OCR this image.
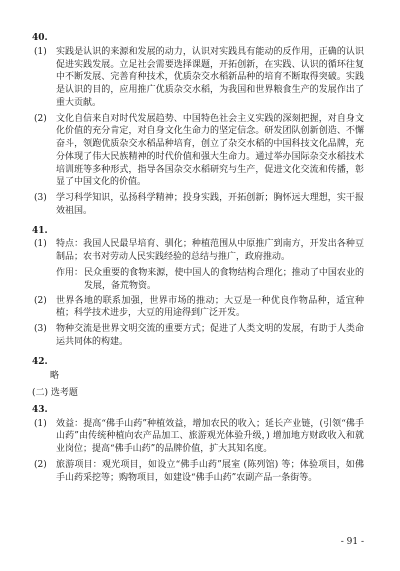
40.
(1) 实践是认识的来源和发展的动力，认识对实践具有能动的反作用，正确的认识促进实践发展。立足社会需要选择课题，开拓创新，在实践、认识的循环往复中不断发展、完善育种技术，优质杂交水稻新品种的培育不断取得突破。实践是认识的目的，应用推广优质杂交水稻，为我国和世界粮食生产的发展作出了重大贡献。
(2) 文化自信来自对时代发展趋势、中国特色社会主义实践的深刻把握，对自身文化价值的充分肯定，对自身文化生命力的坚定信念。研发团队创新创造、不懈奋斗，领跑优质杂交水稻品种培育，创立了杂交水稻的中国科技文化品牌，充分体现了伟大民族精神的时代价值和强大生命力。通过举办国际杂交水稻技术培训班等多种形式，指导各国杂交水稻研究与生产，促进文化交流和传播，彰显了中国文化的价值。
(3) 学习科学知识，弘扬科学精神；投身实践，开拓创新；胸怀远大理想，实干报效祖国。
41.
(1) 特点：我国人民最早培育、驯化；种植范围从中原推广到南方，开发出各种豆制品；农书对劳动人民实践经验的总结与推广，政府推动。
作用： 民众重要的食物来源，使中国人的食物结构合理化；推动了中国农业的发展，备荒物资。
(2) 世界各地的联系加强，世界市场的推动；大豆是一种优良作物品种，适宜种植；科学技术进步，大豆的用途得到广泛开发。
(3) 物种交流是世界文明交流的重要方式；促进了人类文明的发展，有助于人类命运共同体的构建。
42.
略
(二) 选考题
43.
(1) 效益：提高“佛手山药”种植效益，增加农民的收入；延长产业链，(引领“佛手山药”由传统种植向农产品加工、旅游观光体验升级，) 增加地方财政收入和就业岗位；提高“佛手山药”的品牌价值，扩大其知名度。
(2) 旅游项目：观光项目，如设立“佛手山药”展室 (陈列馆) 等；体验项目，如佛手山药采挖等；购物项目，如建设“佛手山药”农副产品一条街等。
- 91 -
